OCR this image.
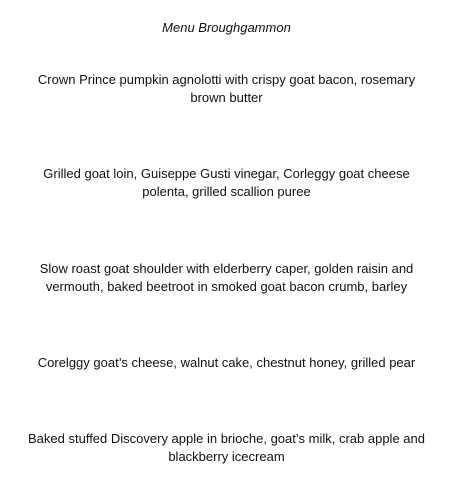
Menu Broughgammon
Crown Prince pumpkin agnolotti with crispy goat bacon, rosemary brown butter
Grilled goat loin, Guiseppe Gusti vinegar, Corleggy goat cheese polenta, grilled scallion puree
Slow roast goat shoulder with elderberry caper, golden raisin and vermouth, baked beetroot in smoked goat bacon crumb, barley
Corelggy goat’s cheese, walnut cake, chestnut honey, grilled pear
Baked stuffed Discovery apple in brioche, goat’s milk, crab apple and blackberry icecream
